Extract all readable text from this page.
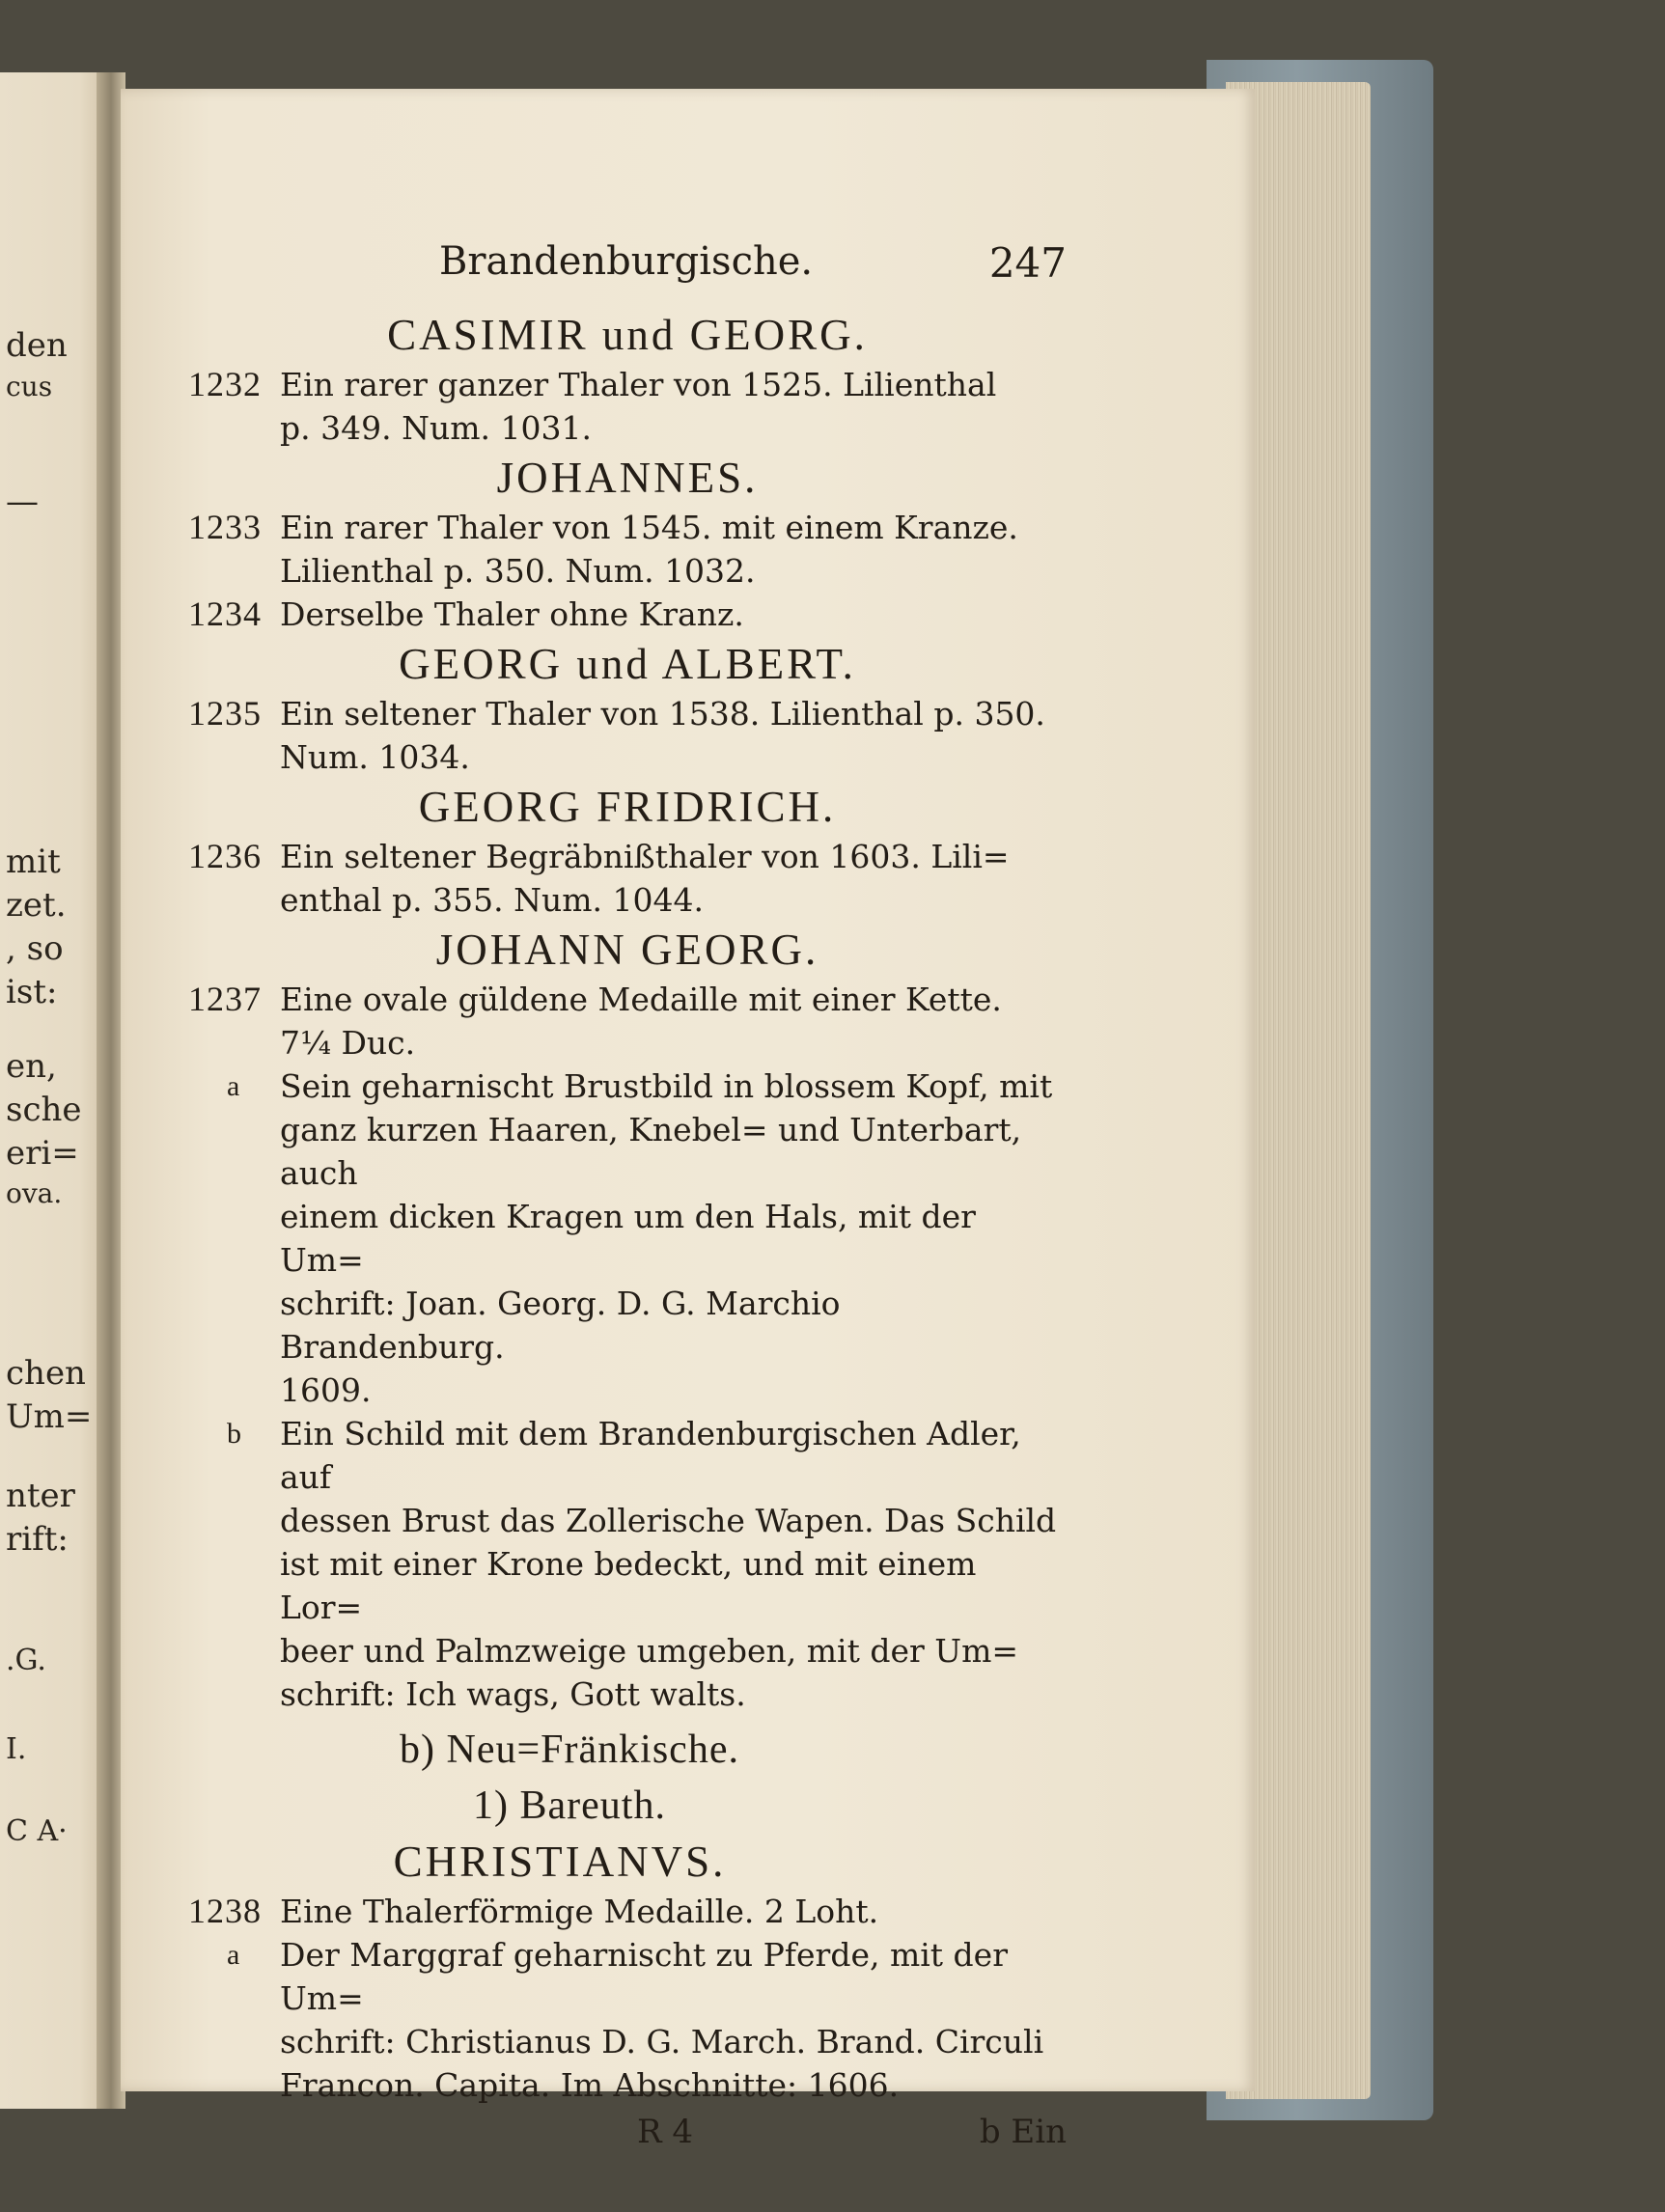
den
cus
—
mit
zet.
, so
ist:
en,
sche
eri=
ova.
chen
Um=
nter
rift:
.G.
I.
C A·
Brandenburgische.	247
CASIMIR und GEORG.
1232 Ein rarer ganzer Thaler von 1525. Lilienthal
p. 349. Num. 1031.
JOHANNES.
1233 Ein rarer Thaler von 1545. mit einem Kranze.
Lilienthal p. 350. Num. 1032.
1234 Derselbe Thaler ohne Kranz.
GEORG und ALBERT.
1235 Ein seltener Thaler von 1538. Lilienthal p. 350.
Num. 1034.
GEORG FRIDRICH.
1236 Ein seltener Begräbnißthaler von 1603. Lili=
enthal p. 355. Num. 1044.
JOHANN GEORG.
1237 Eine ovale güldene Medaille mit einer Kette.
7¼ Duc.
a Sein geharnischt Brustbild in blossem Kopf, mit
ganz kurzen Haaren, Knebel= und Unterbart, auch
einem dicken Kragen um den Hals, mit der Um=
schrift: Joan. Georg. D. G. Marchio Brandenburg.
1609.
b Ein Schild mit dem Brandenburgischen Adler, auf
dessen Brust das Zollerische Wapen. Das Schild
ist mit einer Krone bedeckt, und mit einem Lor=
beer und Palmzweige umgeben, mit der Um=
schrift: Ich wags, Gott walts.
b) Neu=Fränkische.
1) Bareuth.
CHRISTIANVS.
1238 Eine Thalerförmige Medaille. 2 Loht.
a Der Marggraf geharnischt zu Pferde, mit der Um=
schrift: Christianus D. G. March. Brand. Circuli
Francon. Capita. Im Abschnitte: 1606.
R 4	b Ein
